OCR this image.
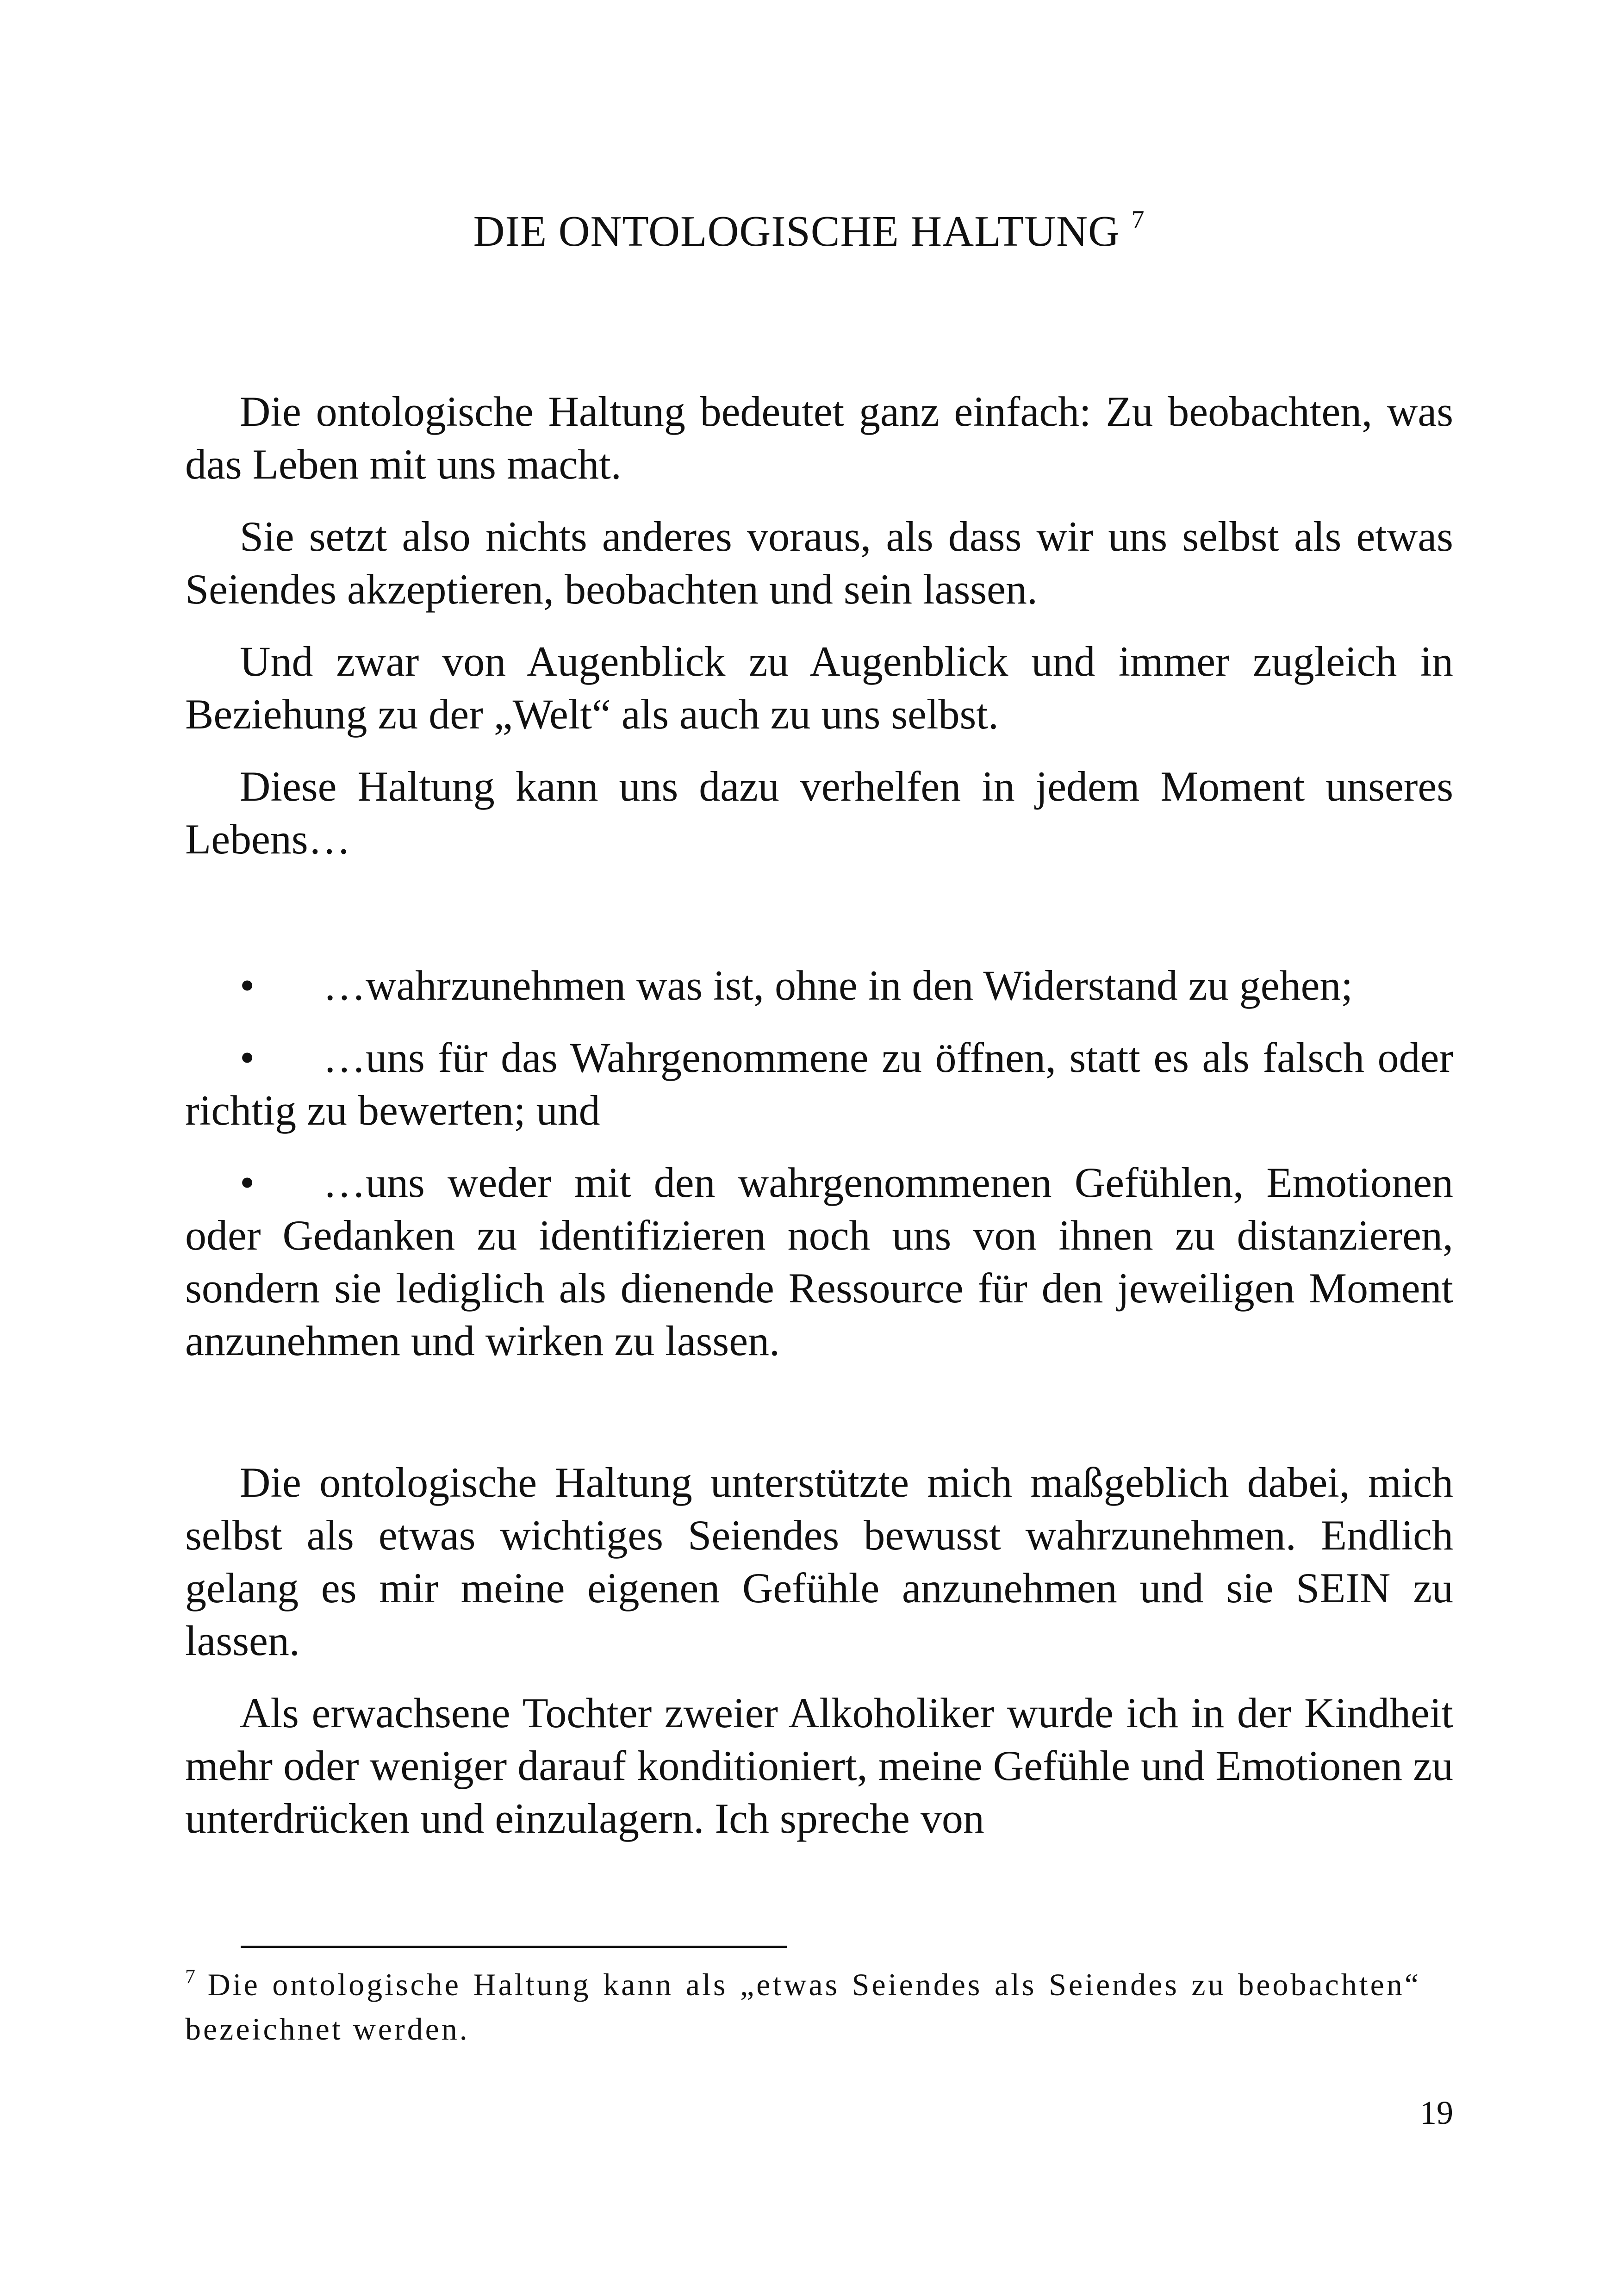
DIE ONTOLOGISCHE HALTUNG $^7$

Die ontologische Haltung bedeutet ganz einfach: Zu beobachten, was das Leben mit uns macht.

Sie setzt also nichts anderes voraus, als dass wir uns selbst als etwas Seiendes akzeptieren, beobachten und sein lassen.

Und zwar von Augenblick zu Augenblick und immer zugleich in Beziehung zu der „Welt“ als auch zu uns selbst.

Diese Haltung kann uns dazu verhelfen in jedem Moment unseres Lebens…

• …wahrzunehmen was ist, ohne in den Widerstand zu gehen;
• …uns für das Wahrgenommene zu öffnen, statt es als falsch oder richtig zu bewerten; und
• …uns weder mit den wahrgenommenen Gefühlen, Emotionen oder Gedanken zu identifizieren noch uns von ihnen zu distanzieren, sondern sie lediglich als dienende Ressource für den jeweiligen Moment anzunehmen und wirken zu lassen.

Die ontologische Haltung unterstützte mich maßgeblich dabei, mich selbst als etwas wichtiges Seiendes bewusst wahrzunehmen. Endlich gelang es mir meine eigenen Gefühle anzunehmen und sie SEIN zu lassen.

Als erwachsene Tochter zweier Alkoholiker wurde ich in der Kindheit mehr oder weniger darauf konditioniert, meine Gefühle und Emotionen zu unterdrücken und einzulagern. Ich spreche von

$^7$ Die ontologische Haltung kann als „etwas Seiendes als Seiendes zu beobachten“ bezeichnet werden.
19
